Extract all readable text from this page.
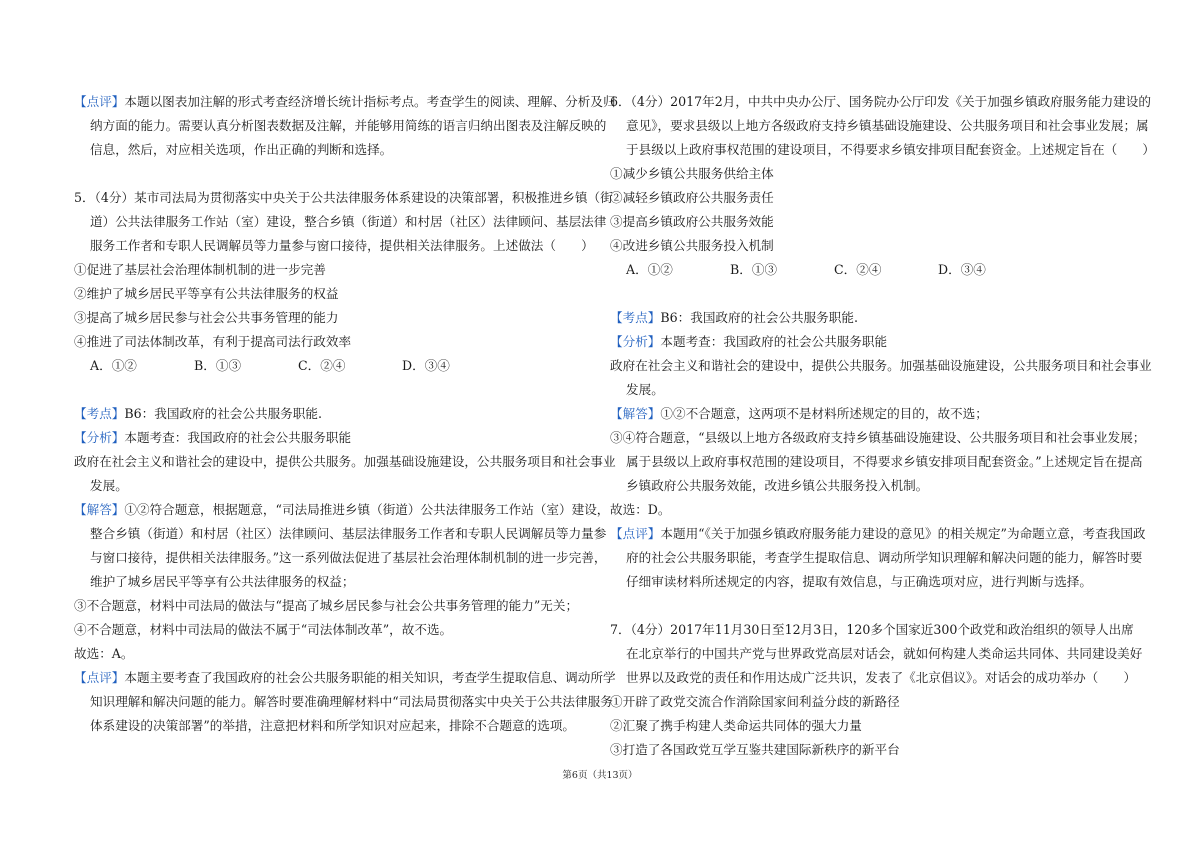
【点评】本题以图表加注解的形式考查经济增长统计指标考点。考查学生的阅读、理解、分析及归
纳方面的能力。需要认真分析图表数据及注解，并能够用简练的语言归纳出图表及注解反映的
信息，然后，对应相关选项，作出正确的判断和选择。
5．（4分）某市司法局为贯彻落实中央关于公共法律服务体系建设的决策部署，积极推进乡镇（街
道）公共法律服务工作站（室）建设，整合乡镇（街道）和村居（社区）法律顾问、基层法律
服务工作者和专职人民调解员等力量参与窗口接待，提供相关法律服务。上述做法（　　）
①促进了基层社会治理体制机制的进一步完善
②维护了城乡居民平等享有公共法律服务的权益
③提高了城乡居民参与社会公共事务管理的能力
④推进了司法体制改革，有利于提高司法行政效率
A．①②	B．①③	C．②④	D．③④
【考点】B6：我国政府的社会公共服务职能.
【分析】本题考查：我国政府的社会公共服务职能
政府在社会主义和谐社会的建设中，提供公共服务。加强基础设施建设，公共服务项目和社会事业
发展。
【解答】①②符合题意，根据题意，“司法局推进乡镇（街道）公共法律服务工作站（室）建设，
整合乡镇（街道）和村居（社区）法律顾问、基层法律服务工作者和专职人民调解员等力量参
与窗口接待，提供相关法律服务。”这一系列做法促进了基层社会治理体制机制的进一步完善，
维护了城乡居民平等享有公共法律服务的权益；
③不合题意，材料中司法局的做法与“提高了城乡居民参与社会公共事务管理的能力”无关；
④不合题意，材料中司法局的做法不属于“司法体制改革”，故不选。
故选：A。
【点评】本题主要考查了我国政府的社会公共服务职能的相关知识，考查学生提取信息、调动所学
知识理解和解决问题的能力。解答时要准确理解材料中“司法局贯彻落实中央关于公共法律服务
体系建设的决策部署”的举措，注意把材料和所学知识对应起来，排除不合题意的选项。
6．（4分）2017年2月，中共中央办公厅、国务院办公厅印发《关于加强乡镇政府服务能力建设的
意见》，要求县级以上地方各级政府支持乡镇基础设施建设、公共服务项目和社会事业发展；属
于县级以上政府事权范围的建设项目，不得要求乡镇安排项目配套资金。上述规定旨在（　　）
①减少乡镇公共服务供给主体
②减轻乡镇政府公共服务责任
③提高乡镇政府公共服务效能
④改进乡镇公共服务投入机制
A．①②	B．①③	C．②④	D．③④
【考点】B6：我国政府的社会公共服务职能.
【分析】本题考查：我国政府的社会公共服务职能
政府在社会主义和谐社会的建设中，提供公共服务。加强基础设施建设，公共服务项目和社会事业
发展。
【解答】①②不合题意，这两项不是材料所述规定的目的，故不选；
③④符合题意，“县级以上地方各级政府支持乡镇基础设施建设、公共服务项目和社会事业发展；
属于县级以上政府事权范围的建设项目，不得要求乡镇安排项目配套资金。”上述规定旨在提高
乡镇政府公共服务效能，改进乡镇公共服务投入机制。
故选：D。
【点评】本题用“《关于加强乡镇政府服务能力建设的意见》的相关规定”为命题立意，考查我国政
府的社会公共服务职能，考查学生提取信息、调动所学知识理解和解决问题的能力，解答时要
仔细审读材料所述规定的内容，提取有效信息，与正确选项对应，进行判断与选择。
7．（4分）2017年11月30日至12月3日，120多个国家近300个政党和政治组织的领导人出席
在北京举行的中国共产党与世界政党高层对话会，就如何构建人类命运共同体、共同建设美好
世界以及政党的责任和作用达成广泛共识，发表了《北京倡议》。对话会的成功举办（　　）
①开辟了政党交流合作消除国家间利益分歧的新路径
②汇聚了携手构建人类命运共同体的强大力量
③打造了各国政党互学互鉴共建国际新秩序的新平台
第6页（共13页）
